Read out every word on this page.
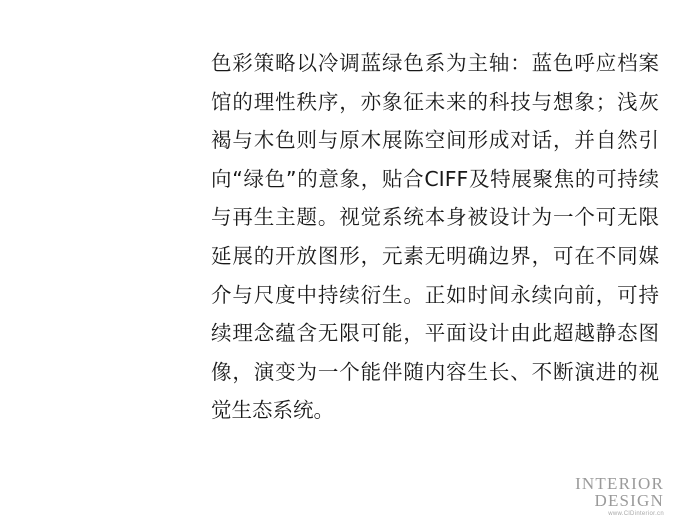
色彩策略以冷调蓝绿色系为主轴：蓝色呼应档案馆的理性秩序，亦象征未来的科技与想象；浅灰褐与木色则与原木展陈空间形成对话，并自然引向“绿色”的意象，贴合CIFF及特展聚焦的可持续与再生主题。视觉系统本身被设计为一个可无限延展的开放图形，元素无明确边界，可在不同媒介与尺度中持续衍生。正如时间永续向前，可持续理念蕴含无限可能，平面设计由此超越静态图像，演变为一个能伴随内容生长、不断演进的视觉生态系统。
INTERIOR
DESIGN
www.ClDinterior.cn
